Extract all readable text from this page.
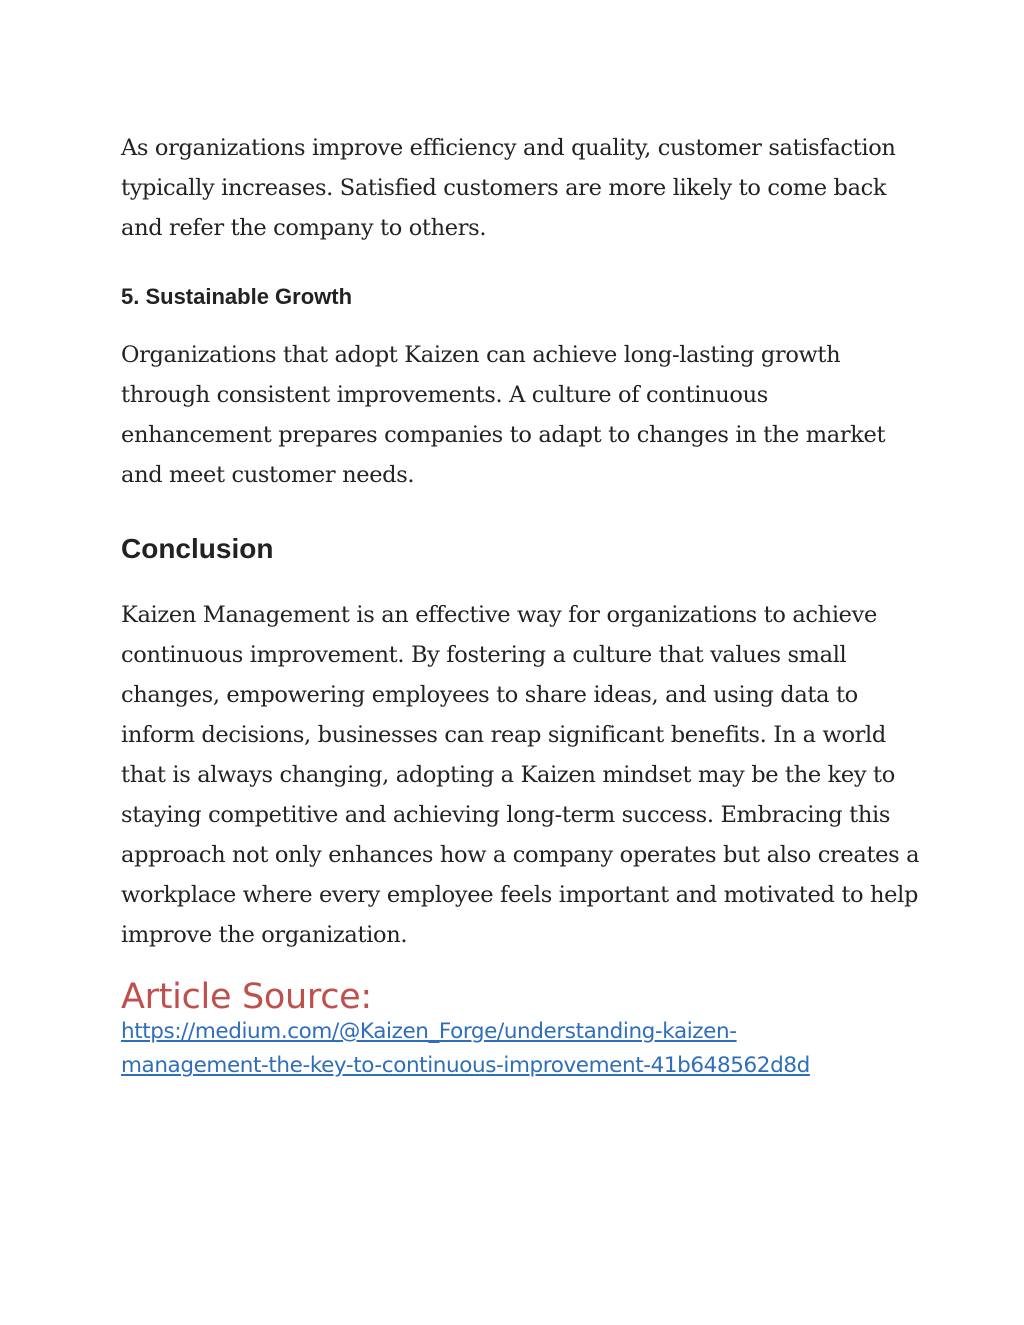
As organizations improve efficiency and quality, customer satisfaction typically increases. Satisfied customers are more likely to come back and refer the company to others.

5. Sustainable Growth

Organizations that adopt Kaizen can achieve long-lasting growth through consistent improvements. A culture of continuous enhancement prepares companies to adapt to changes in the market and meet customer needs.

Conclusion

Kaizen Management is an effective way for organizations to achieve continuous improvement. By fostering a culture that values small changes, empowering employees to share ideas, and using data to inform decisions, businesses can reap significant benefits. In a world that is always changing, adopting a Kaizen mindset may be the key to staying competitive and achieving long-term success. Embracing this approach not only enhances how a company operates but also creates a workplace where every employee feels important and motivated to help improve the organization.

Article Source:
https://medium.com/@Kaizen_Forge/understanding-kaizen-
management-the-key-to-continuous-improvement-41b648562d8d
